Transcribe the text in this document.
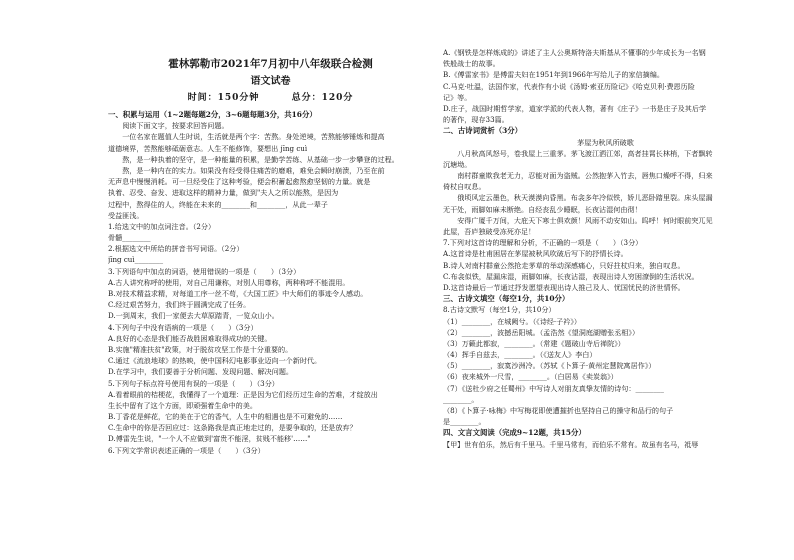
霍林郭勒市2021年7月初中八年级联合检测
语文试卷
时间：150分钟	总分：120分
一、积累与运用（1~2题每题2分，3~6题每题3分，共16分）
阅读下面文字，按要求回答问题。
一位名家在题值人生时说，生活就是两个字：苦熬。身处逆境，苦熬能够锤炼和提高
道德境界，苦熬能够砥砺意志。人生不能修饰，要想出 jīng cuì
熬，是一种执着的坚守，是一种能量的积累，是勤学苦练、从基础一步一步攀登的过程。
熬，是一种内在的实力。如果没有经受得住痛苦的磨难，难免会瞬时崩溃，乃至在前
无声息中慢慢消耗。可一旦经受住了这种考验，便会积蓄起愈熬愈坚韧的力量。就是
执着、忍受、奋发、进取这样的精神力量，做到"夫人之所以能熬，是因为
过程中，熬得住的人，终能在未来的________和________，从此一辈子
受益匪浅。
1.给选文中的加点词注音。（2分）
骨髓________
2.根据选文中所给的拼音书写词语。（2分）
jīng cuì________
3.下列语句中加点的词语，使用错误的一项是（　　）（3分）
A.古人讲究称呼的使用，对自己用谦称，对别人用尊称，两种称呼不能混用。
B.对技术精益求精，对每道工序一丝不苟，《大国工匠》中大师们的事迹令人感动。
C.经过艰苦努力，我们终于圆满完成了任务。
D.一到周末，我们一家便去大草原踏青，一览众山小。
4.下列句子中没有语病的一项是（　　）（3分）
A.良好的心态是我们能否战胜困难取得成功的关键。
B.实施"精准扶贫"政策，对于脱贫攻坚工作是十分重要的。
C.通过《流浪地球》的热映，使中国科幻电影事业迈向一个新时代。
D.在学习中，我们要善于分析问题、发现问题、解决问题。
5.下列句子标点符号使用有误的一项是（　　）（3分）
A.看着眼前的桔梗花，我懂得了一个道理：正是因为它们经历过生命的苦难，才绽放出
生长中留有了这个方面，即顽强着生命中的美。
B.丁香花是鲜花，它的美在于它的香气，人生中的相遇也是不可避免的……
C.生命中的你是否回应过：这条路我是真正地走过的，是要争取的，还是放弃？
D.傅雷先生说，"一个人不应做到'富贵不能淫，贫贱不能移'……"
6.下列文学常识表述正确的一项是（　　）（3分）
A.《钢铁是怎样炼成的》讲述了主人公奥斯特洛夫斯基从不懂事的少年成长为一名钢
铁般战士的故事。
B.《傅雷家书》是傅雷夫妇在1951年到1966年写给儿子的家信摘编。
C.马克·吐温，法国作家，代表作有小说《汤姆·索亚历险记》《哈克贝利·费恩历险
记》等。
D.庄子，战国时期哲学家，道家学派的代表人物，著有《庄子》一书是庄子及其后学
的著作，现存33篇。
二、古诗词赏析（3分）
茅屋为秋风所破歌
八月秋高风怒号，卷我屋上三重茅。茅飞渡江洒江郊，高者挂罥长林梢，下者飘转
沉塘坳。
南村群童欺我老无力，忍能对面为盗贼。公然抱茅入竹去，唇焦口燥呼不得，归来
倚杖自叹息。
俄顷风定云墨色，秋天漠漠向昏黑。布衾多年冷似铁，娇儿恶卧踏里裂。床头屋漏
无干处，雨脚如麻未断绝。自经丧乱少睡眠，长夜沾湿何由彻！
安得广厦千万间，大庇天下寒士俱欢颜！风雨不动安如山。呜呼！何时眼前突兀见
此屋，吾庐独破受冻死亦足！
7.下列对这首诗的理解和分析，不正确的一项是（　　）（3分）
A.这首诗是杜甫困居在茅屋被秋风吹破后写下的抒情长诗。
B.诗人对南村群童公然抢走茅草的举动深感痛心，只好拄杖归来，独自叹息。
C.布衾似铁，屋漏床湿，雨脚如麻，长夜沾湿，表现出诗人穷困潦倒的生活状况。
D.这首诗最后一节通过抒发愿望表现出诗人推己及人、忧国忧民的济世情怀。
三、古诗文填空（每空1分，共10分）
8.古诗文默写（每空1分，共10分）
（1）________，在城阙兮。（《诗经·子衿》）
（2）________，波撼岳阳城。（孟浩然《望洞庭湖赠张丞相》）
（3）万籁此都寂，________。（常建《题破山寺后禅院》）
（4）挥手自兹去，________。（《送友人》李白）
（5）________，寂寞沙洲冷。（苏轼《卜算子·黄州定慧院寓居作》）
（6）夜来城外一尺雪，________。（白居易《卖炭翁》）
（7）《送杜少府之任蜀州》中写诗人对朋友真挚友情的诗句：________
________。
（8）《卜算子·咏梅》中写梅花即使遭摧折也坚持自己的操守和品行的句子
是________。
四、文言文阅读（完成9~12题，共15分）
【甲】世有伯乐，然后有千里马。千里马常有，而伯乐不常有。故虽有名马，祗辱
